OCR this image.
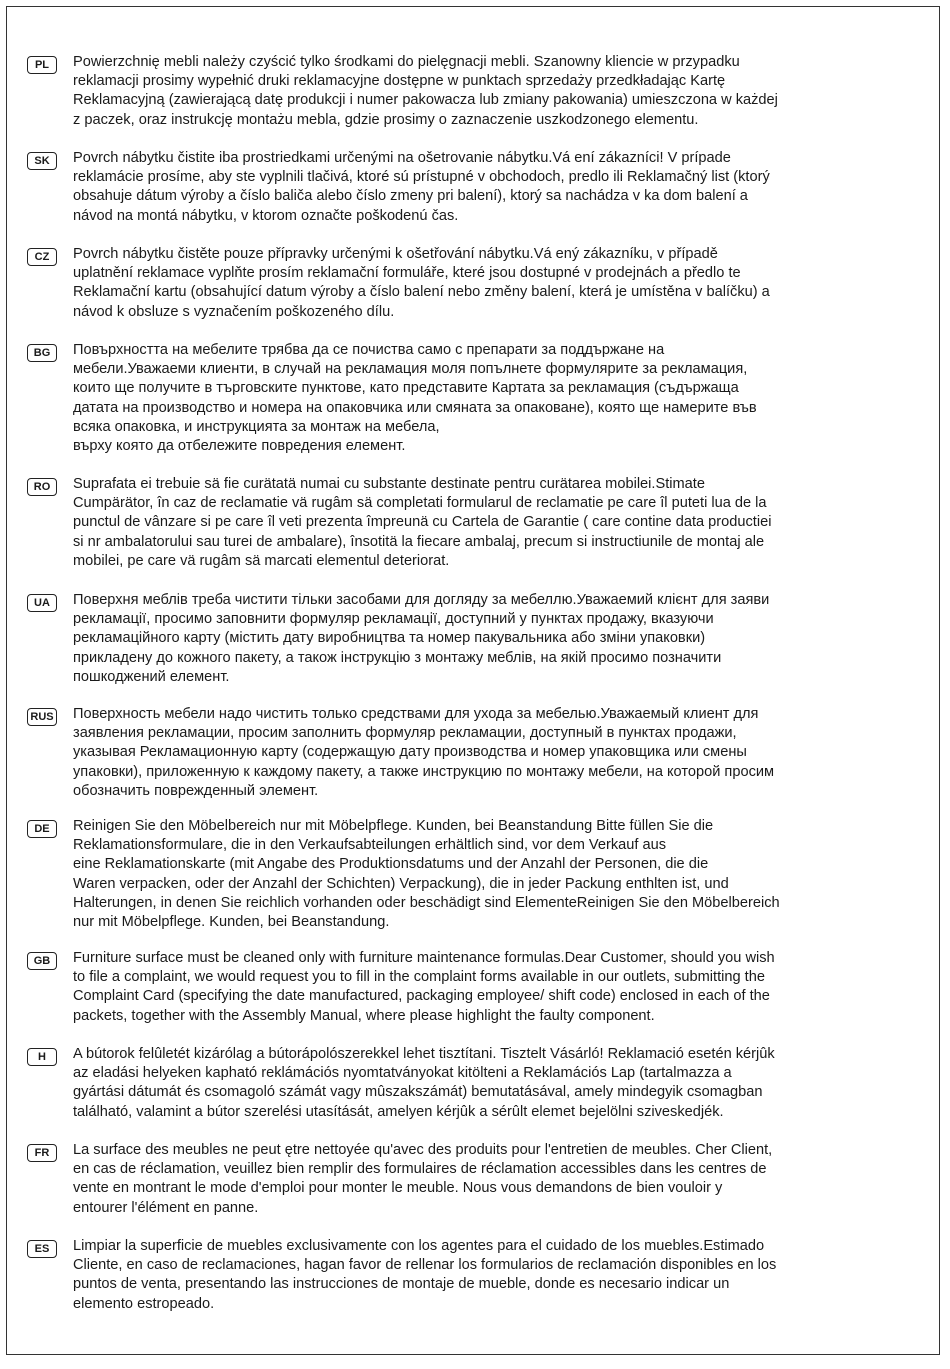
PL	Powierzchnię mebli należy czyścić tylko środkami do pielęgnacji mebli. Szanowny kliencie w przypadku
reklamacji prosimy wypełnić druki reklamacyjne dostępne w punktach sprzedaży przedkładając Kartę
Reklamacyjną (zawierającą datę produkcji i numer pakowacza lub zmiany pakowania) umieszczona w każdej
z paczek, oraz instrukcję montażu mebla, gdzie prosimy o zaznaczenie uszkodzonego elementu.
SK	Povrch nábytku čistite iba prostriedkami určenými na ošetrovanie nábytku.Vá ení zákazníci! V prípade
reklamácie prosíme, aby ste vyplnili tlačivá, ktoré sú prístupné v obchodoch, predlo ili Reklamačný list (ktorý
obsahuje dátum výroby a číslo baliča alebo číslo zmeny pri balení), ktorý sa nachádza v ka dom balení a
návod na montá nábytku, v ktorom označte poškodenú čas.
CZ	Povrch nábytku čistěte pouze přípravky určenými k ošetřování nábytku.Vá ený zákazníku, v případě
uplatnění reklamace vyplňte prosím reklamační formuláře, které jsou dostupné v prodejnách a předlo te
Reklamační kartu (obsahující datum výroby a číslo balení nebo změny balení, která je umístěna v balíčku) a
návod k obsluze s vyznačením poškozeného dílu.
BG	Повърхността на мебелите трябва да се почиства само с препарати за поддържане на
мебели.Уважаеми клиенти, в случай на рекламация моля попълнете формулярите за рекламация,
които ще получите в търговските пунктове, като представите Картата за рекламация (съдържаща
датата на производство и номера на опаковчика или смяната за опаковане), която ще намерите във
всяка опаковка, и инструкцията за монтаж на мебела,
върху която да отбележите повредения елемент.
RO	Suprafata ei trebuie sä fie curätatä numai cu substante destinate pentru curätarea mobilei.Stimate
Cumpärätor, în caz de reclamatie vä rugâm sä completati formularul de reclamatie pe care îl puteti lua de la
punctul de vânzare si pe care îl veti prezenta împreunä cu Cartela de Garantie ( care contine data productiei
si nr ambalatorului sau turei de ambalare), însotitä la fiecare ambalaj, precum si instructiunile de montaj ale
mobilei, pe care vä rugâm sä marcati elementul deteriorat.
UA	Поверхня меблів треба чистити тільки засобами для догляду за мебеллю.Уважаемий клієнт для заяви
рекламації, просимо заповнити формуляр рекламації, доступний у пунктах продажу, вказуючи
рекламаційного карту (містить дату виробництва та номер пакувальника або зміни упаковки)
прикладену до кожного пакету, а також інструкцію з монтажу меблів, на якій просимо позначити
пошкоджений елемент.
RUS Поверхность мебели надо чистить только средствами для ухода за мебелью.Уважаемый клиент для
заявления рекламации, просим заполнить формуляр рекламации, доступный в пунктах продажи,
указывая Рекламационную карту (содержащую дату производства и номер упаковщика или смены
упаковки), приложенную к каждому пакету, а также инструкцию по монтажу мебели, на которой просим
обозначить поврежденный элемент.
DE	Reinigen Sie den Möbelbereich nur mit Möbelpflege. Kunden, bei Beanstandung Bitte füllen Sie die
Reklamationsformulare, die in den Verkaufsabteilungen erhältlich sind, vor dem Verkauf aus
eine Reklamationskarte (mit Angabe des Produktionsdatums und der Anzahl der Personen, die die
Waren verpacken, oder der Anzahl der Schichten) Verpackung), die in jeder Packung enthlten ist, und
Halterungen, in denen Sie reichlich vorhanden oder beschädigt sind ElementeReinigen Sie den Möbelbereich
nur mit Möbelpflege. Kunden, bei Beanstandung.
GB	Furniture surface must be cleaned only with furniture maintenance formulas.Dear Customer, should you wish
to file a complaint, we would request you to fill in the complaint forms available in our outlets, submitting the
Complaint Card (specifying the date manufactured, packaging employee/ shift code) enclosed in each of the
packets, together with the Assembly Manual, where please highlight the faulty component.
H	A bútorok felûletét kizárólag a bútorápolószerekkel lehet tisztítani. Tisztelt Vásárló! Reklamació esetén kérjûk
az eladási helyeken kapható reklámációs nyomtatványokat kitölteni a Reklamációs Lap (tartalmazza a
gyártási dátumát és csomagoló számát vagy mûszakszámát) bemutatásával, amely mindegyik csomagban
található, valamint a bútor szerelési utasítását, amelyen kérjûk a sérûlt elemet bejelölni sziveskedjék.
FR	La surface des meubles ne peut ętre nettoyée qu'avec des produits pour l'entretien de meubles. Cher Client,
en cas de réclamation, veuillez bien remplir des formulaires de réclamation accessibles dans les centres de
vente en montrant le mode d'emploi pour monter le meuble. Nous vous demandons de bien vouloir y
entourer l'élément en panne.
ES	Limpiar la superficie de muebles exclusivamente con los agentes para el cuidado de los muebles.Estimado
Cliente, en caso de reclamaciones, hagan favor de rellenar los formularios de reclamación disponibles en los
puntos de venta, presentando las instrucciones de montaje de mueble, donde es necesario indicar un
elemento estropeado.
